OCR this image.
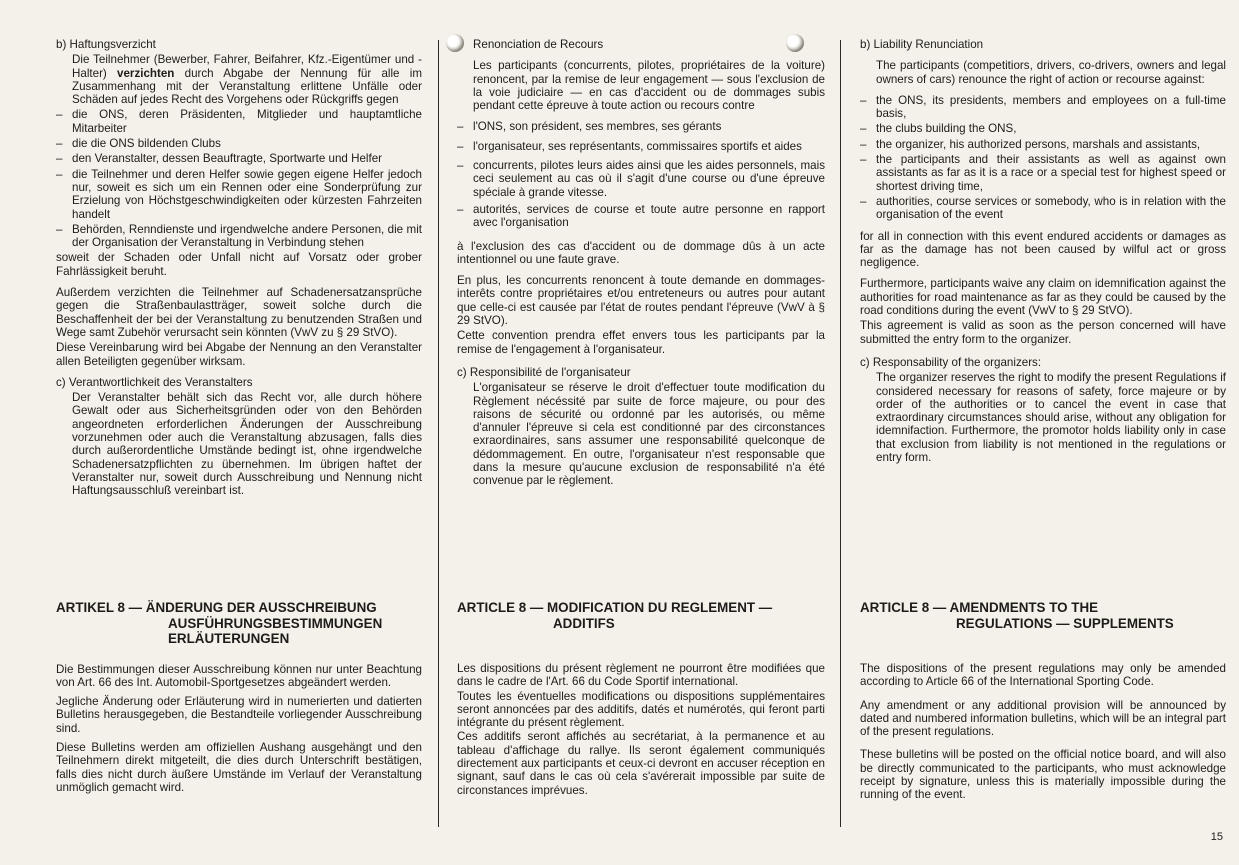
b) Haftungsverzicht
Die Teilnehmer (Bewerber, Fahrer, Beifahrer, Kfz.-Eigentümer und -Halter) verzichten durch Abgabe der Nennung für alle im Zusammenhang mit der Veranstaltung erlittene Unfälle oder Schäden auf jedes Recht des Vorgehens oder Rückgriffs gegen
– die ONS, deren Präsidenten, Mitglieder und hauptamtliche Mitarbeiter
– die die ONS bildenden Clubs
– den Veranstalter, dessen Beauftragte, Sportwarte und Helfer
– die Teilnehmer und deren Helfer sowie gegen eigene Helfer jedoch nur, soweit es sich um ein Rennen oder eine Sonderprüfung zur Erzielung von Höchstgeschwindigkeiten oder kürzesten Fahrzeiten handelt
– Behörden, Renndienste und irgendwelche andere Personen, die mit der Organisation der Veranstaltung in Verbindung stehen
soweit der Schaden oder Unfall nicht auf Vorsatz oder grober Fahrlässigkeit beruht.
Außerdem verzichten die Teilnehmer auf Schadenersatzansprüche gegen die Straßenbaulastträger, soweit solche durch die Beschaffenheit der bei der Veranstaltung zu benutzenden Straßen und Wege samt Zubehör verursacht sein könnten (VwV zu § 29 StVO).
Diese Vereinbarung wird bei Abgabe der Nennung an den Veranstalter allen Beteiligten gegenüber wirksam.
c) Verantwortlichkeit des Veranstalters
Der Veranstalter behält sich das Recht vor, alle durch höhere Gewalt oder aus Sicherheitsgründen oder von den Behörden angeordneten erforderlichen Änderungen der Ausschreibung vorzunehmen oder auch die Veranstaltung abzusagen, falls dies durch außerordentliche Umstände bedingt ist, ohne irgendwelche Schadenersatzpflichten zu übernehmen. Im übrigen haftet der Veranstalter nur, soweit durch Ausschreibung und Nennung nicht Haftungsausschluß vereinbart ist.
Renonciation de Recours
Les participants (concurrents, pilotes, propriétaires de la voiture) renoncent, par la remise de leur engagement — sous l'exclusion de la voie judiciaire — en cas d'accident ou de dommages subis pendant cette épreuve à toute action ou recours contre
– l'ONS, son président, ses membres, ses gérants
– l'organisateur, ses représentants, commissaires sportifs et aides
– concurrents, pilotes leurs aides ainsi que les aides personnels, mais ceci seulement au cas où il s'agit d'une course ou d'une épreuve spéciale à grande vitesse.
– autorités, services de course et toute autre personne en rapport avec l'organisation
à l'exclusion des cas d'accident ou de dommage dûs à un acte intentionnel ou une faute grave.
En plus, les concurrents renoncent à toute demande en dommages-interêts contre propriétaires et/ou entreteneurs ou autres pour autant que celle-ci est causée par l'état de routes pendant l'épreuve (VwV à § 29 StVO).
Cette convention prendra effet envers tous les participants par la remise de l'engagement à l'organisateur.
c) Responsibilité de l'organisateur
L'organisateur se réserve le droit d'effectuer toute modification du Règlement nécéssité par suite de force majeure, ou pour des raisons de sécurité ou ordonné par les autorisés, ou même d'annuler l'épreuve si cela est conditionné par des circonstances exraordinaires, sans assumer une responsabilité quelconque de dédommagement. En outre, l'organisateur n'est responsable que dans la mesure qu'aucune exclusion de responsabilité n'a été convenue par le règlement.
b) Liability Renunciation
The participants (competitiors, drivers, co-drivers, owners and legal owners of cars) renounce the right of action or recourse against:
– the ONS, its presidents, members and employees on a full-time basis,
– the clubs building the ONS,
– the organizer, his authorized persons, marshals and assistants,
– the participants and their assistants as well as against own assistants as far as it is a race or a special test for highest speed or shortest driving time,
– authorities, course services or somebody, who is in relation with the organisation of the event
for all in connection with this event endured accidents or damages as far as the damage has not been caused by wilful act or gross negligence.
Furthermore, participants waive any claim on idemnification against the authorities for road maintenance as far as they could be caused by the road conditions during the event (VwV to § 29 StVO).
This agreement is valid as soon as the person concerned will have submitted the entry form to the organizer.
c) Responsability of the organizers:
The organizer reserves the right to modify the present Regulations if considered necessary for reasons of safety, force majeure or by order of the authorities or to cancel the event in case that extraordinary circumstances should arise, without any obligation for idemnifaction. Furthermore, the promotor holds liability only in case that exclusion from liability is not mentioned in the regulations or entry form.
ARTIKEL 8 — ÄNDERUNG DER AUSSCHREIBUNG
AUSFÜHRUNGSBESTIMMUNGEN
ERLÄUTERUNGEN
Die Bestimmungen dieser Ausschreibung können nur unter Beachtung von Art. 66 des Int. Automobil-Sportgesetzes abgeändert werden.
Jegliche Änderung oder Erläuterung wird in numerierten und datierten Bulletins herausgegeben, die Bestandteile vorliegender Ausschreibung sind.
Diese Bulletins werden am offiziellen Aushang ausgehängt und den Teilnehmern direkt mitgeteilt, die dies durch Unterschrift bestätigen, falls dies nicht durch äußere Umstände im Verlauf der Veranstaltung unmöglich gemacht wird.
ARTICLE 8 — MODIFICATION DU REGLEMENT —
ADDITIFS
Les dispositions du présent règlement ne pourront être modifiées que dans le cadre de l'Art. 66 du Code Sportif international.
Toutes les éventuelles modifications ou dispositions supplémentaires seront annoncées par des additifs, datés et numérotés, qui feront parti intégrante du présent règlement.
Ces additifs seront affichés au secrétariat, à la permanence et au tableau d'affichage du rallye. Ils seront également communiqués directement aux participants et ceux-ci devront en accuser réception en signant, sauf dans le cas où cela s'avérerait impossible par suite de circonstances imprévues.
ARTICLE 8 — AMENDMENTS TO THE
REGULATIONS — SUPPLEMENTS
The dispositions of the present regulations may only be amended according to Article 66 of the International Sporting Code.
Any amendment or any additional provision will be announced by dated and numbered information bulletins, which will be an integral part of the present regulations.
These bulletins will be posted on the official notice board, and will also be directly communicated to the participants, who must acknowledge receipt by signature, unless this is materially impossible during the running of the event.
15
